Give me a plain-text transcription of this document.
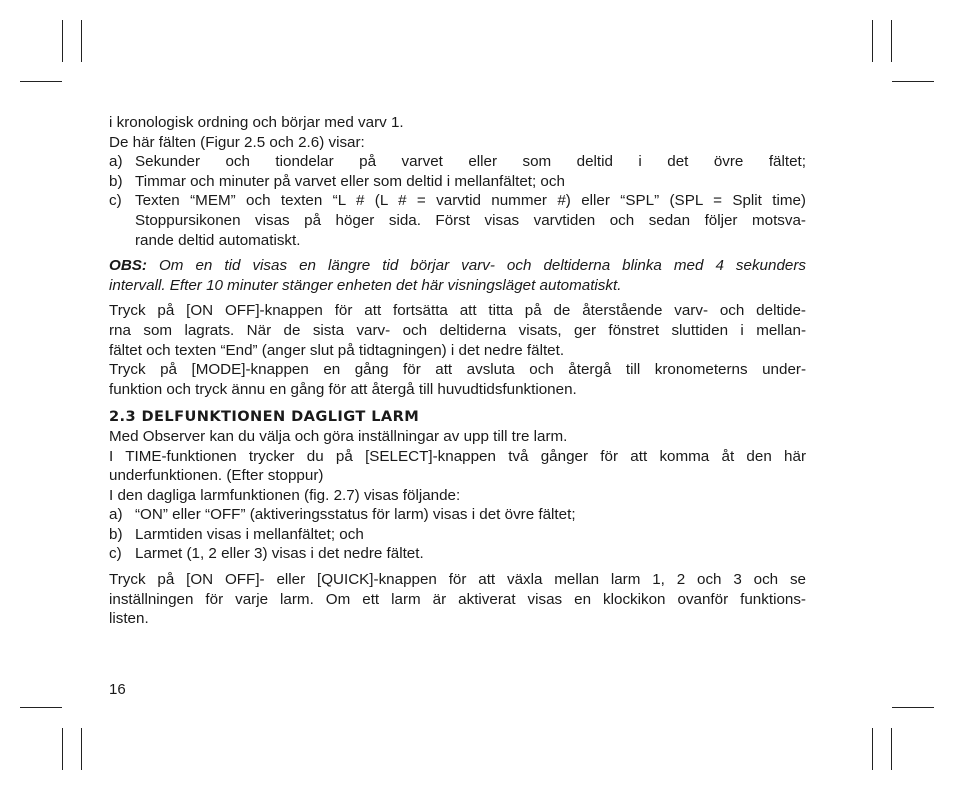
i kronologisk ordning och börjar med varv 1.
De här fälten (Figur 2.5 och 2.6) visar:
a) Sekunder och tiondelar på varvet eller som deltid i det övre fältet;
b) Timmar och minuter på varvet eller som deltid i mellanfältet; och
c) Texten “MEM” och texten “L # (L # = varvtid nummer #) eller “SPL” (SPL = Split time)
Stoppursikonen visas på höger sida. Först visas varvtiden och sedan följer motsva-
rande deltid automatiskt.
OBS: Om en tid visas en längre tid börjar varv- och deltiderna blinka med 4 sekunders
intervall. Efter 10 minuter stänger enheten det här visningsläget automatiskt.
Tryck på [ON OFF]-knappen för att fortsätta att titta på de återstående varv- och deltide-
rna som lagrats. När de sista varv- och deltiderna visats, ger fönstret sluttiden i mellan-
fältet och texten “End” (anger slut på tidtagningen) i det nedre fältet.
Tryck på [MODE]-knappen en gång för att avsluta och återgå till kronometerns under-
funktion och tryck ännu en gång för att återgå till huvudtidsfunktionen.
2.3 DELFUNKTIONEN DAGLIGT LARM
Med Observer kan du välja och göra inställningar av upp till tre larm.
I TIME-funktionen trycker du på [SELECT]-knappen två gånger för att komma åt den här
underfunktionen. (Efter stoppur)
I den dagliga larmfunktionen (fig. 2.7) visas följande:
a) “ON” eller “OFF” (aktiveringsstatus för larm) visas i det övre fältet;
b) Larmtiden visas i mellanfältet; och
c) Larmet (1, 2 eller 3) visas i det nedre fältet.
Tryck på [ON OFF]- eller [QUICK]-knappen för att växla mellan larm 1, 2 och 3 och se
inställningen för varje larm. Om ett larm är aktiverat visas en klockikon ovanför funktions-
listen.
16
